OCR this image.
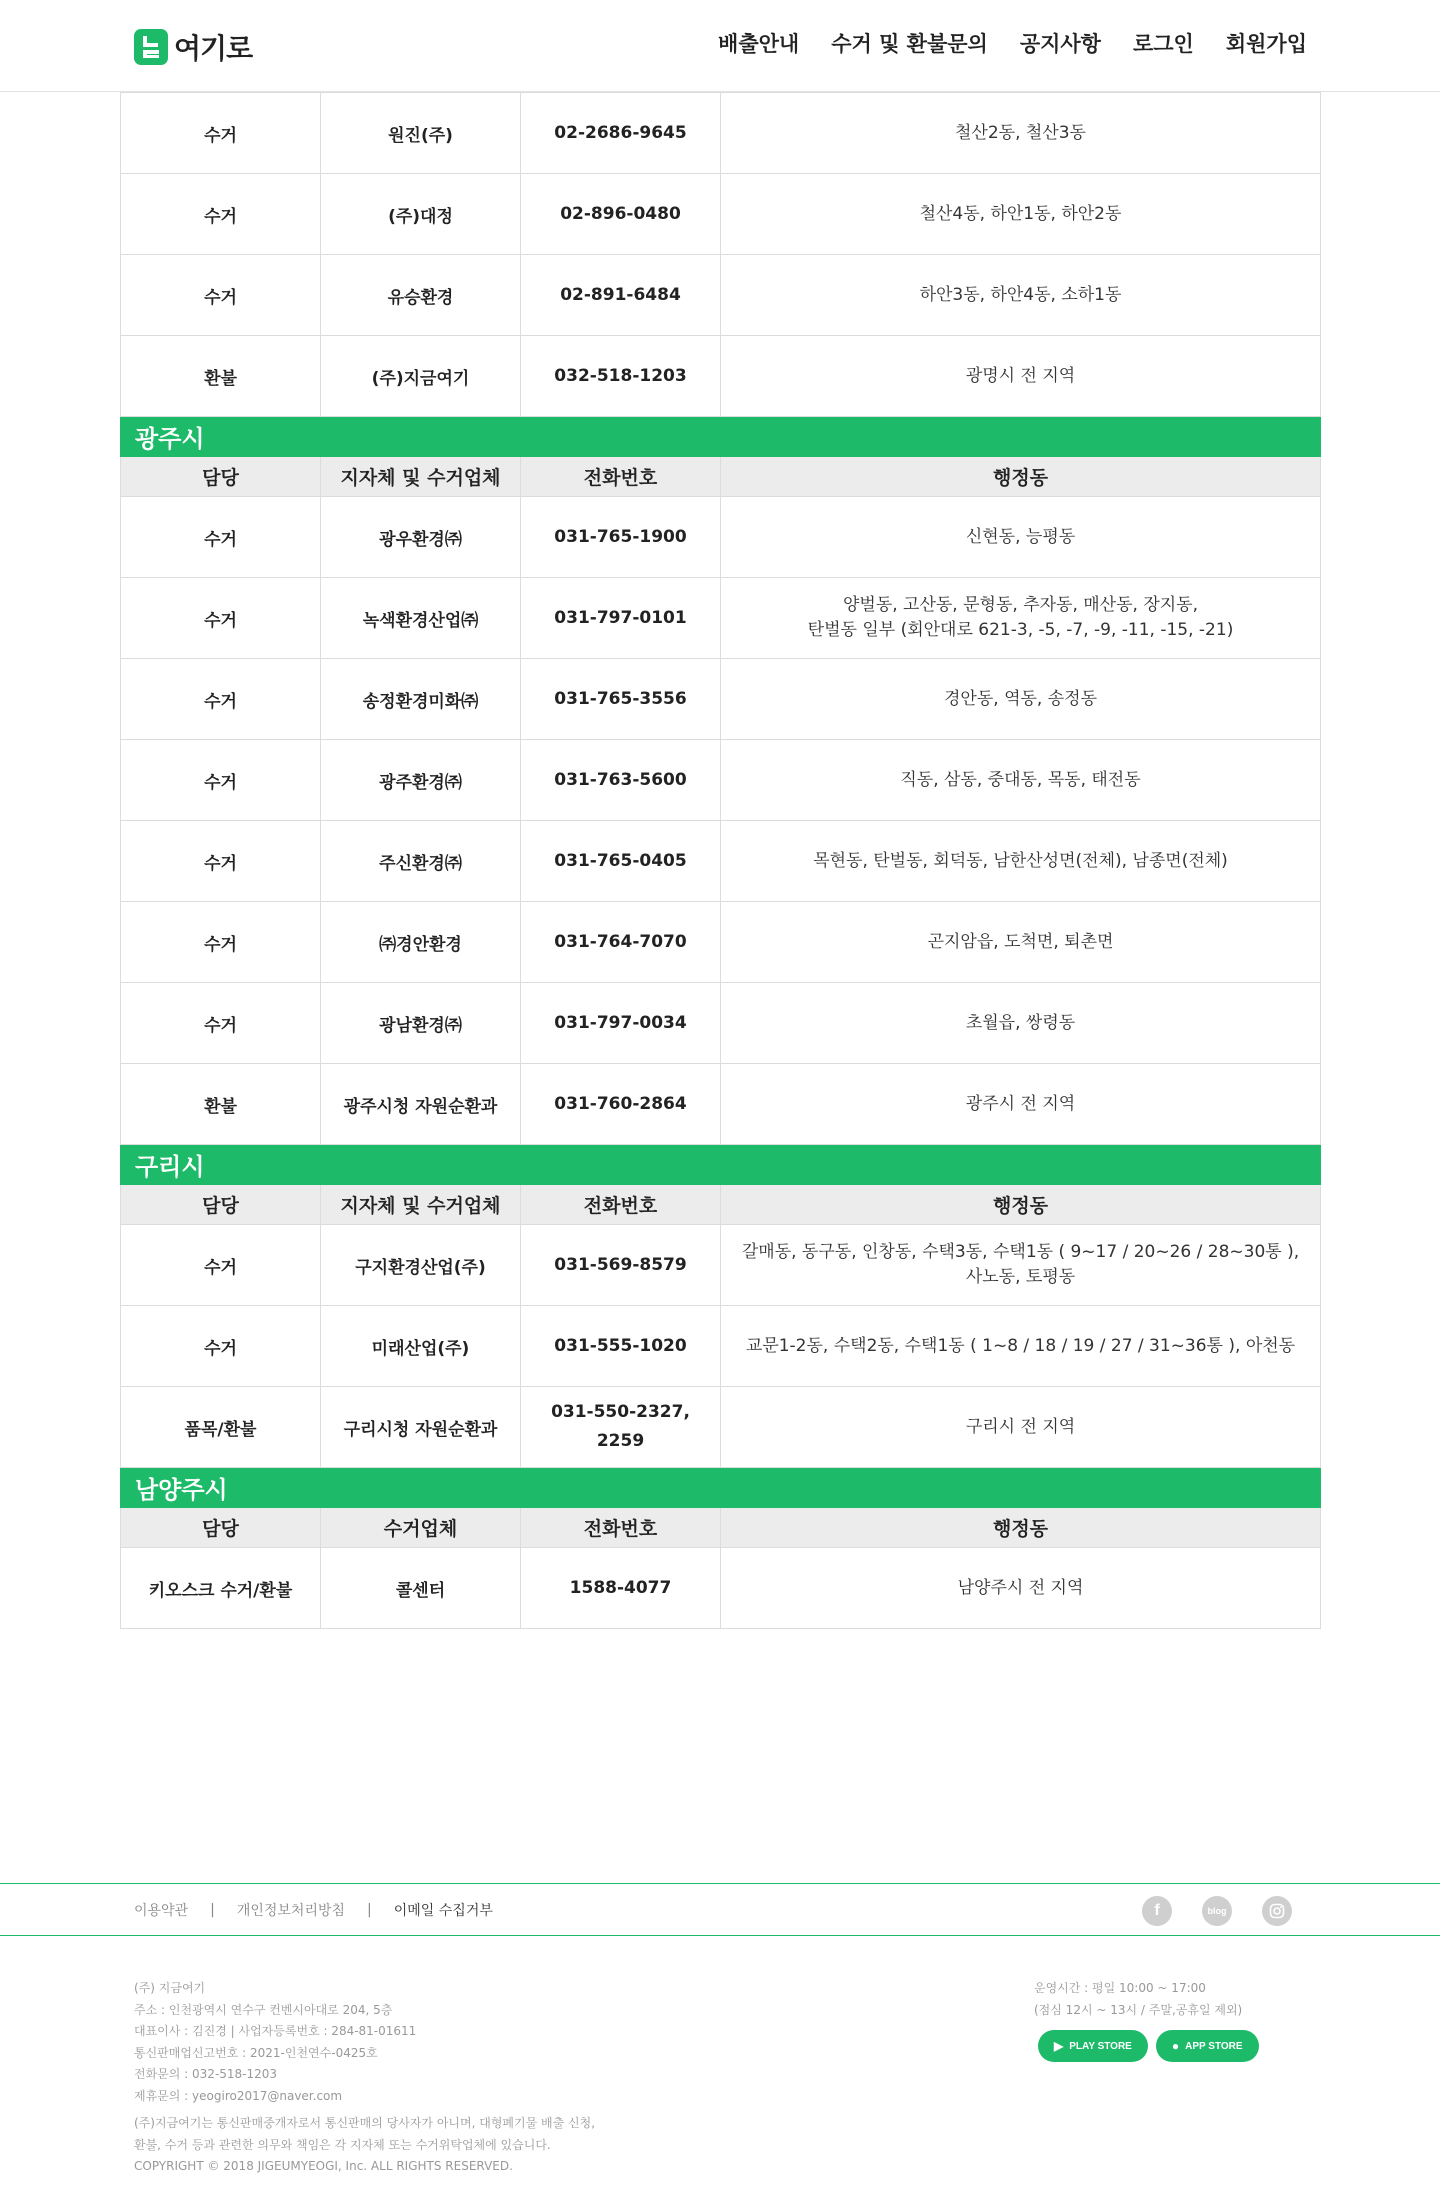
여기로	배출안내 수거 및 환불문의 공지사항 로그인 회원가입
수거	원진(주)	02-2686-9645	철산2동, 철산3동
수거	(주)대정	02-896-0480	철산4동, 하안1동, 하안2동
수거	유승환경	02-891-6484	하안3동, 하안4동, 소하1동
환불	(주)지금여기	032-518-1203	광명시 전 지역
광주시			
담당	지자체 및 수거업체	전화번호	행정동
수거	광우환경㈜	031-765-1900	신현동, 능평동
수거	녹색환경산업㈜	031-797-0101	양벌동, 고산동, 문형동, 추자동, 매산동, 장지동,
탄벌동 일부 (회안대로 621-3, -5, -7, -9, -11, -15, -21)
수거	송정환경미화㈜	031-765-3556	경안동, 역동, 송정동
수거	광주환경㈜	031-763-5600	직동, 삼동, 중대동, 목동, 태전동
수거	주신환경㈜	031-765-0405	목현동, 탄벌동, 회덕동, 남한산성면(전체), 남종면(전체)
수거	㈜경안환경	031-764-7070	곤지암읍, 도척면, 퇴촌면
수거	광남환경㈜	031-797-0034	초월읍, 쌍령동
환불	광주시청 자원순환과	031-760-2864	광주시 전 지역
구리시			
담당	지자체 및 수거업체	전화번호	행정동
수거	구지환경산업(주)	031-569-8579	갈매동, 동구동, 인창동, 수택3동, 수택1동 ( 9~17 / 20~26 / 28~30통 ),
사노동, 토평동
수거	미래산업(주)	031-555-1020	교문1-2동, 수택2동, 수택1동 ( 1~8 / 18 / 19 / 27 / 31~36통 ), 아천동
품목/환불	구리시청 자원순환과	031-550-2327,
2259	구리시 전 지역
남양주시			
담당	수거업체	전화번호	행정동
키오스크 수거/환불	콜센터	1588-4077	남양주시 전 지역
이용약관 | 개인정보처리방침 | 이메일 수집거부	f	blog
(주) 지금여기
주소 : 인천광역시 연수구 컨벤시아대로 204, 5층
대표이사 : 김진경 | 사업자등록번호 : 284-81-01611
통신판매업신고번호 : 2021-인천연수-0425호
전화문의 : 032-518-1203
제휴문의 : yeogiro2017@naver.com
(주)지금여기는 통신판매중개자로서 통신판매의 당사자가 아니며, 대형폐기물 배출 신청,
환불, 수거 등과 관련한 의무와 책임은 각 지자체 또는 수거위탁업체에 있습니다.
COPYRIGHT © 2018 JIGEUMYEOGI, Inc. ALL RIGHTS RESERVED.
운영시간 : 평일 10:00 ~ 17:00
(점심 12시 ~ 13시 / 주말,공휴일 제외)
▶ PLAY STORE	● APP STORE
